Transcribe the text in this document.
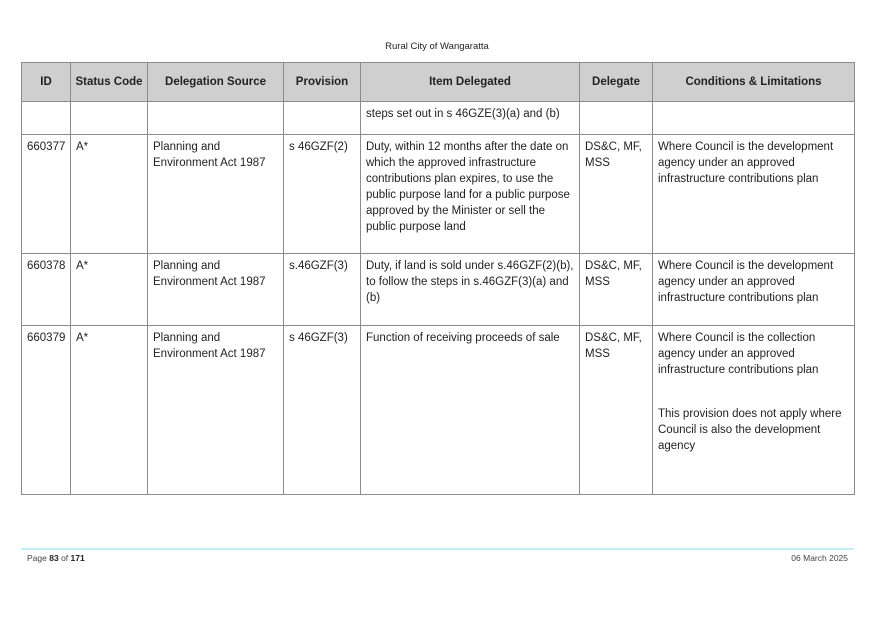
Rural City of Wangaratta
ID	Status Code	Delegation Source	Provision	Item Delegated	Delegate	Conditions & Limitations
				steps set out in s 46GZE(3)(a) and (b)		
660377	A*	Planning and Environment Act 1987	s 46GZF(2)	Duty, within 12 months after the date on which the approved infrastructure contributions plan expires, to use the public purpose land for a public purpose approved by the Minister or sell the public purpose land	DS&C, MF, MSS	Where Council is the development agency under an approved infrastructure contributions plan

660378	A*	Planning and Environment Act 1987	s.46GZF(3)	Duty, if land is sold under s.46GZF(2)(b), to follow the steps in s.46GZF(3)(a) and (b)	DS&C, MF, MSS	Where Council is the development agency under an approved infrastructure contributions plan

660379	A*	Planning and Environment Act 1987	s 46GZF(3)	Function of receiving proceeds of sale	DS&C, MF, MSS	Where Council is the collection agency under an approved infrastructure contributions plan
This provision does not apply where Council is also the development agency
Page 83 of 171	06 March 2025
